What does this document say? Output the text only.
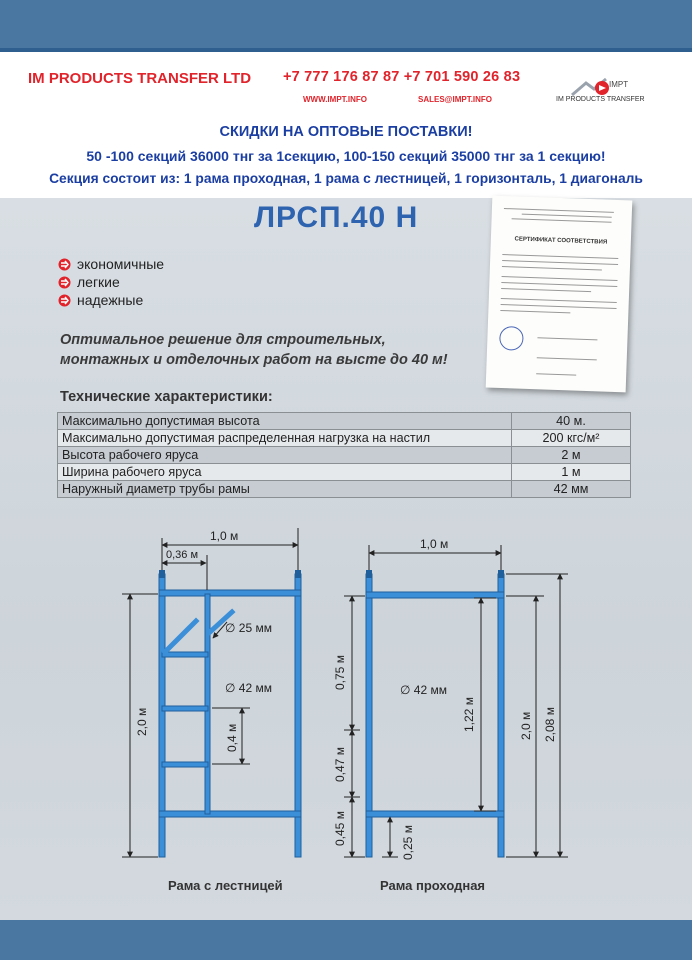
IM PRODUCTS TRANSFER LTD +7 777 176 87 87 +7 701 590 26 83
WWW.IMPT.INFO	SALES@IMPT.INFO
IMPT
IM PRODUCTS TRANSFER
СКИДКИ НА ОПТОВЫЕ ПОСТАВКИ!
50 -100 секций 36000 тнг за 1секцию, 100-150 секций 35000 тнг за 1 секцию!
Секция состоит из: 1 рама проходная, 1 рама с лестницей, 1 горизонталь, 1 диагональ
ЛРСП.40 Н
экономичные
легкие
надежные
Оптимальное решение для строительных,
монтажных и отделочных работ на высте до 40 м!
СЕРТИФИКАТ СООТВЕТСТВИЯ
Технические характеристики:
Максимально допустимая высота	40 м.
Максимально допустимая распределенная нагрузка на настил	200 кгс/м²
Высота рабочего яруса	2 м
Ширина рабочего яруса	1 м
Наружный диаметр трубы рамы	42 мм
1,0 м
0,36 м
∅ 25 мм
∅ 42 мм
2,0 м
0,4 м
Рама с лестницей
1,0 м
∅ 42 мм
0,75 м
0,47 м
0,45 м
1,22 м
0,25 м
2,0 м 2,08 м
Рама проходная
